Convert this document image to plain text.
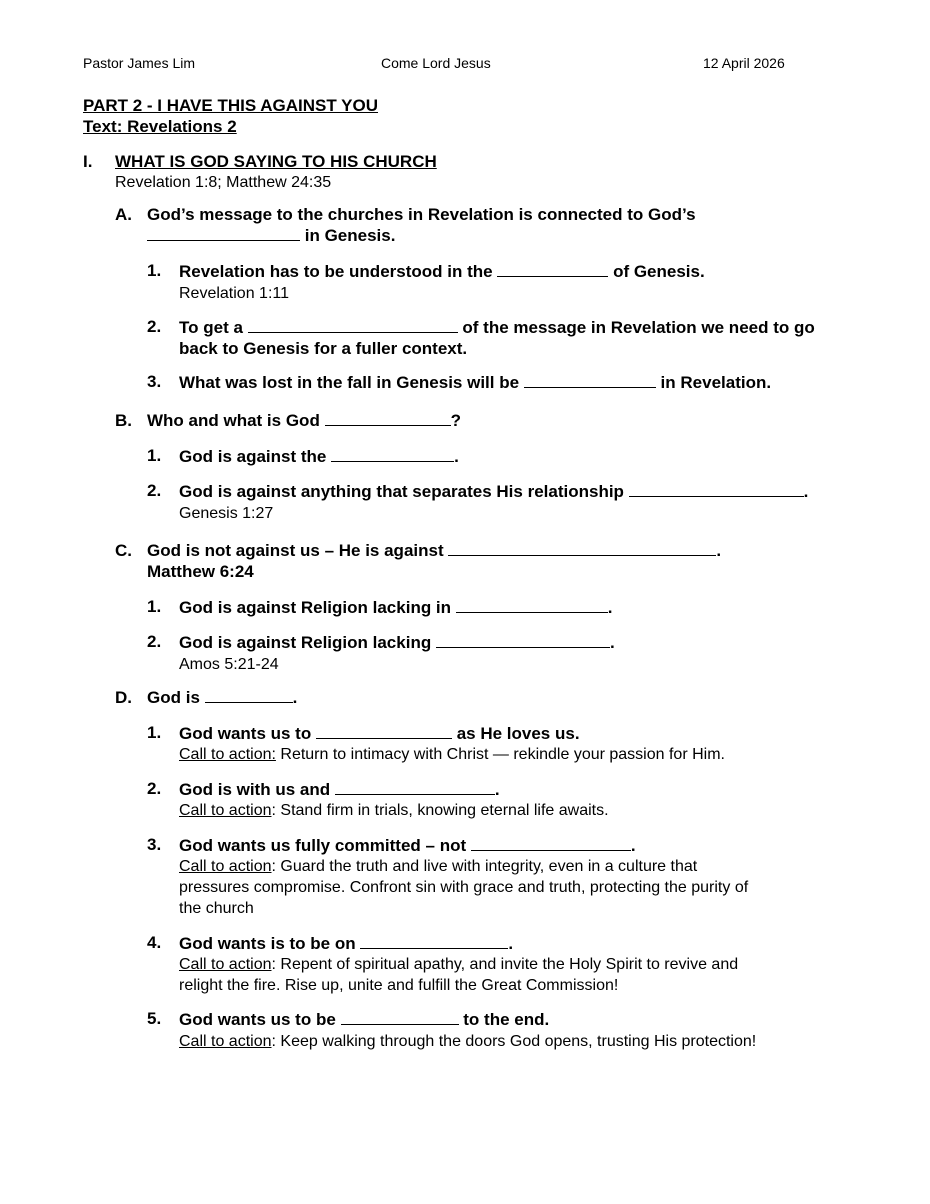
Pastor James Lim	Come Lord Jesus	12 April 2026
PART 2 - I HAVE THIS AGAINST YOU
Text: Revelations 2
I. WHAT IS GOD SAYING TO HIS CHURCH
Revelation 1:8; Matthew 24:35
A. God’s message to the churches in Revelation is connected to God’s
in Genesis.
1. Revelation has to be understood in the	of Genesis.
Revelation 1:11
2. To get a	of the message in Revelation we need to go
back to Genesis for a fuller context.
3. What was lost in the fall in Genesis will be	in Revelation.
B. Who and what is God	?
1. God is against the	.
2. God is against anything that separates His relationship	.
Genesis 1:27
C. God is not against us – He is against	.
Matthew 6:24
1. God is against Religion lacking in	.
2. God is against Religion lacking	.
Amos 5:21-24
D. God is	.
1. God wants us to	as He loves us.
Call to action: Return to intimacy with Christ — rekindle your passion for Him.
2. God is with us and	.
Call to action: Stand firm in trials, knowing eternal life awaits.
3. God wants us fully committed – not	.
Call to action: Guard the truth and live with integrity, even in a culture that
pressures compromise. Confront sin with grace and truth, protecting the purity of
the church
4. God wants is to be on	.
Call to action: Repent of spiritual apathy, and invite the Holy Spirit to revive and
relight the fire. Rise up, unite and fulfill the Great Commission!
5. God wants us to be	to the end.
Call to action: Keep walking through the doors God opens, trusting His protection!
